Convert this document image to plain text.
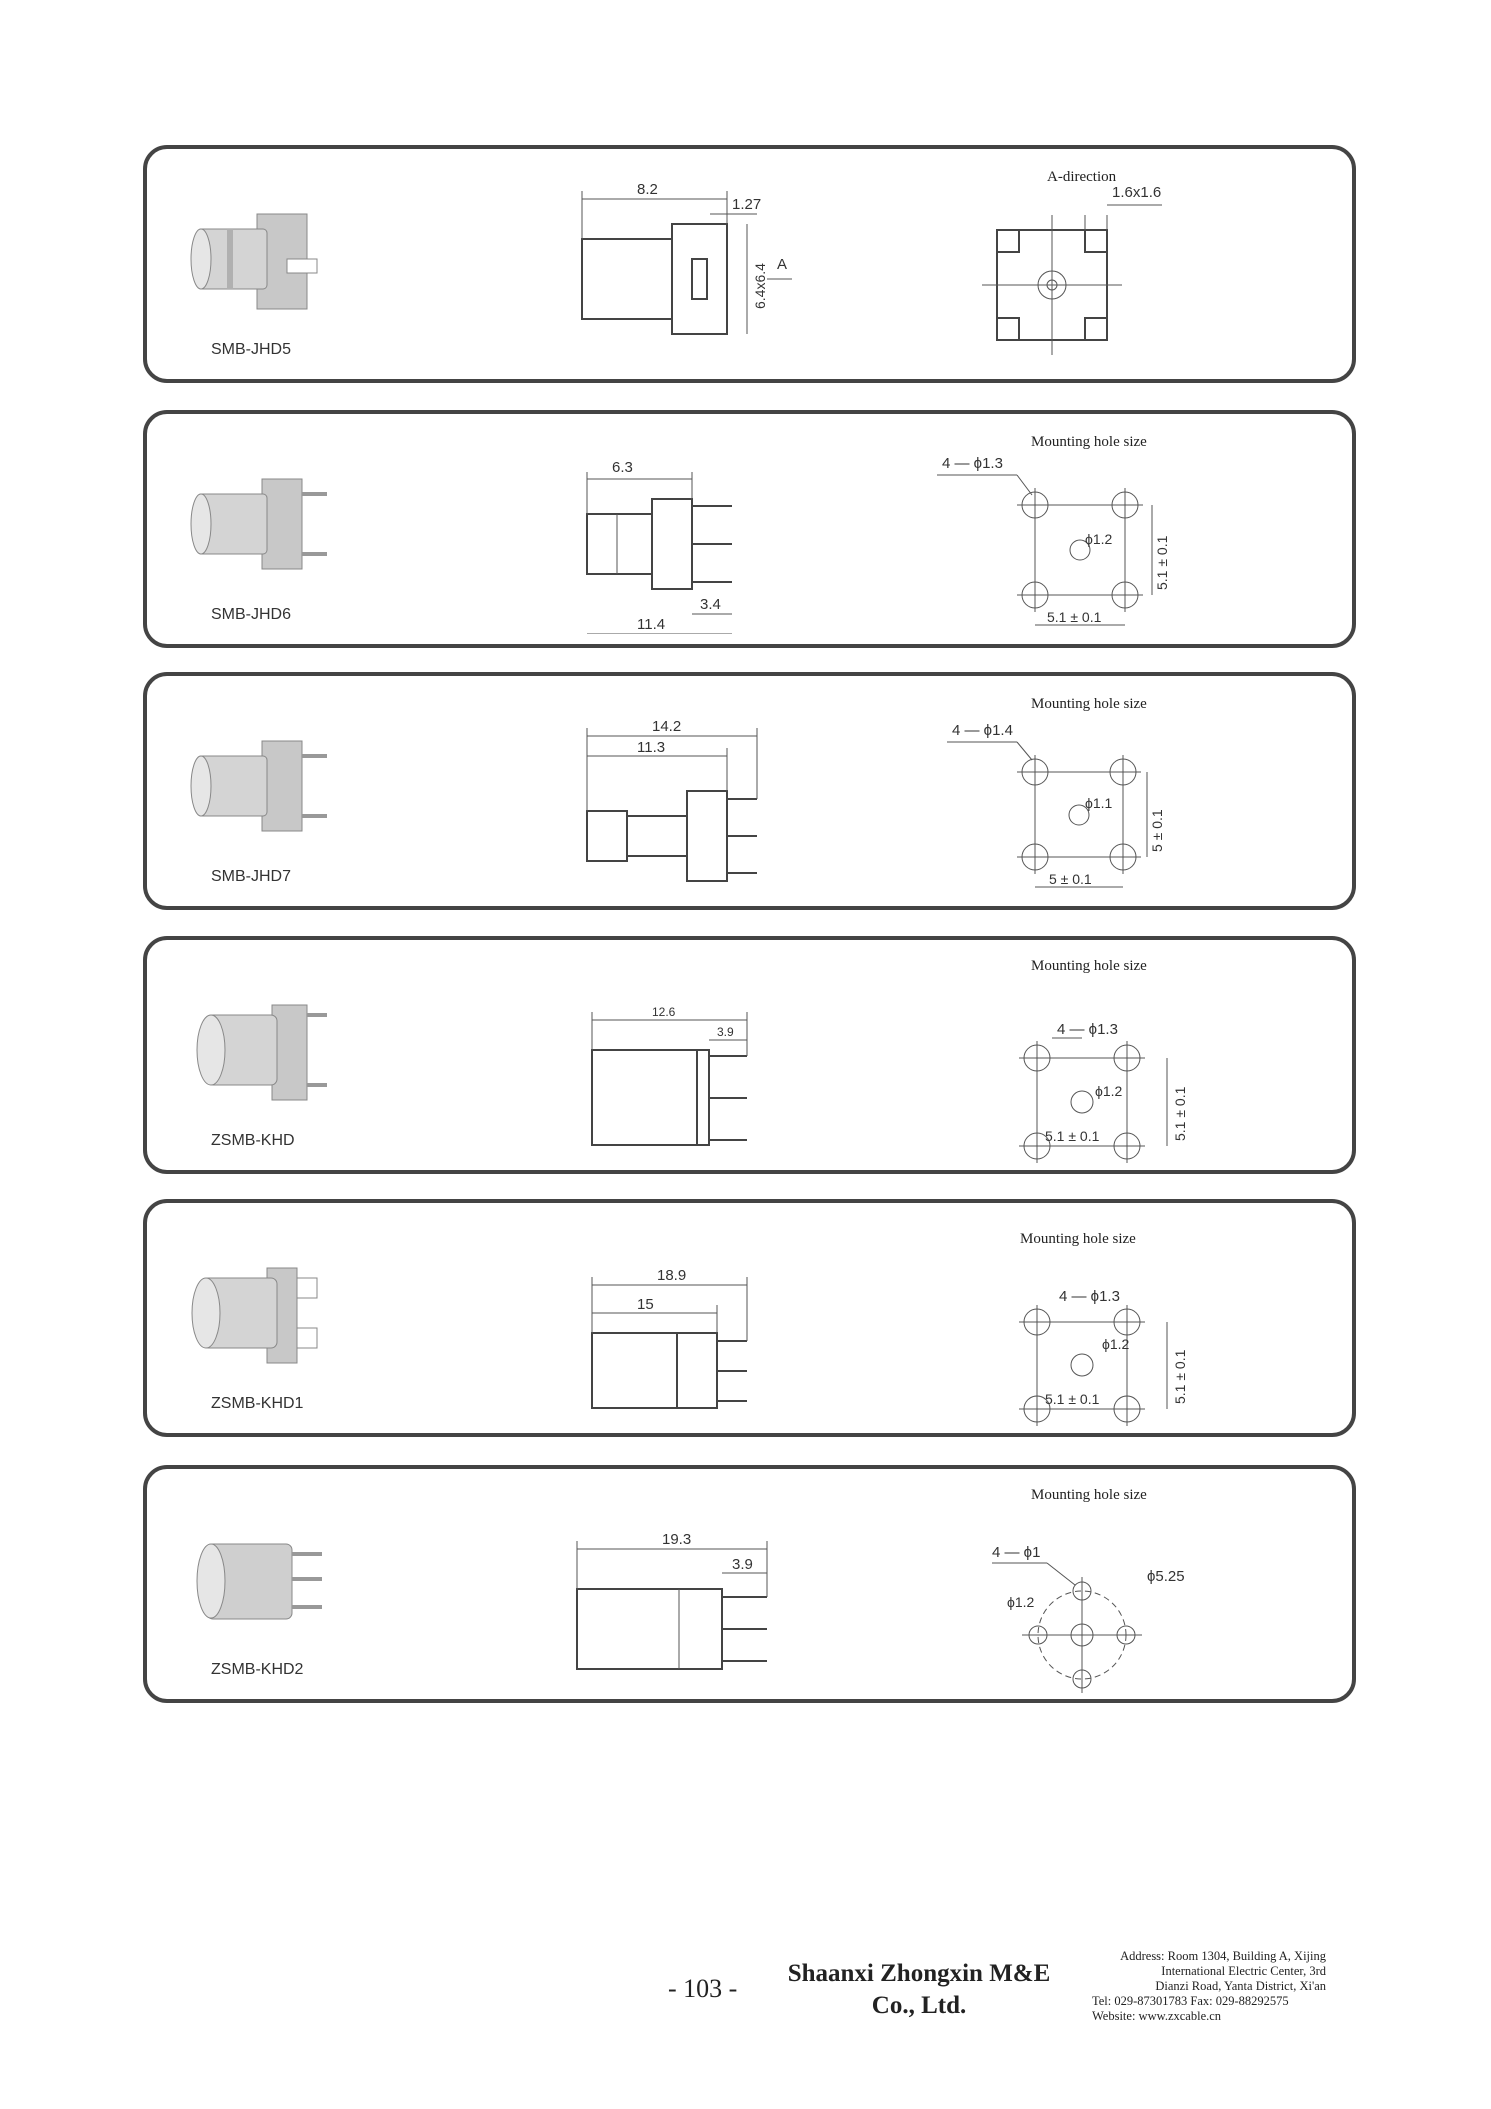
8.2
1.27
6.4x6.4 A
A-direction
1.6x1.6
SMB-JHD5
6.3
3.4
11.4
Mounting hole size
4 — ϕ1.3
ϕ1.2	5.1 ± 0.1
5.1 ± 0.1
SMB-JHD6
14.2
11.3
Mounting hole size
4 — ϕ1.4
ϕ1.1
5 ± 0.1
5 ± 0.1
SMB-JHD7
12.6
3.9
Mounting hole size
4 — ϕ1.3
ϕ1.2	5.1 ± 0.1
5.1 ± 0.1
ZSMB-KHD
18.9
15
Mounting hole size
4 — ϕ1.3
ϕ1.2
5.1 ± 0.1
5.1 ± 0.1
ZSMB-KHD1
19.3
3.9
Mounting hole size
4 — ϕ1
ϕ1.2
ϕ5.25
ZSMB-KHD2
- 103 -
Shaanxi Zhongxin M&E
Co., Ltd.
Address: Room 1304, Building A, Xijing
International Electric Center, 3rd
Dianzi Road, Yanta District, Xi'an
Tel: 029-87301783 Fax: 029-88292575
Website: www.zxcable.cn
